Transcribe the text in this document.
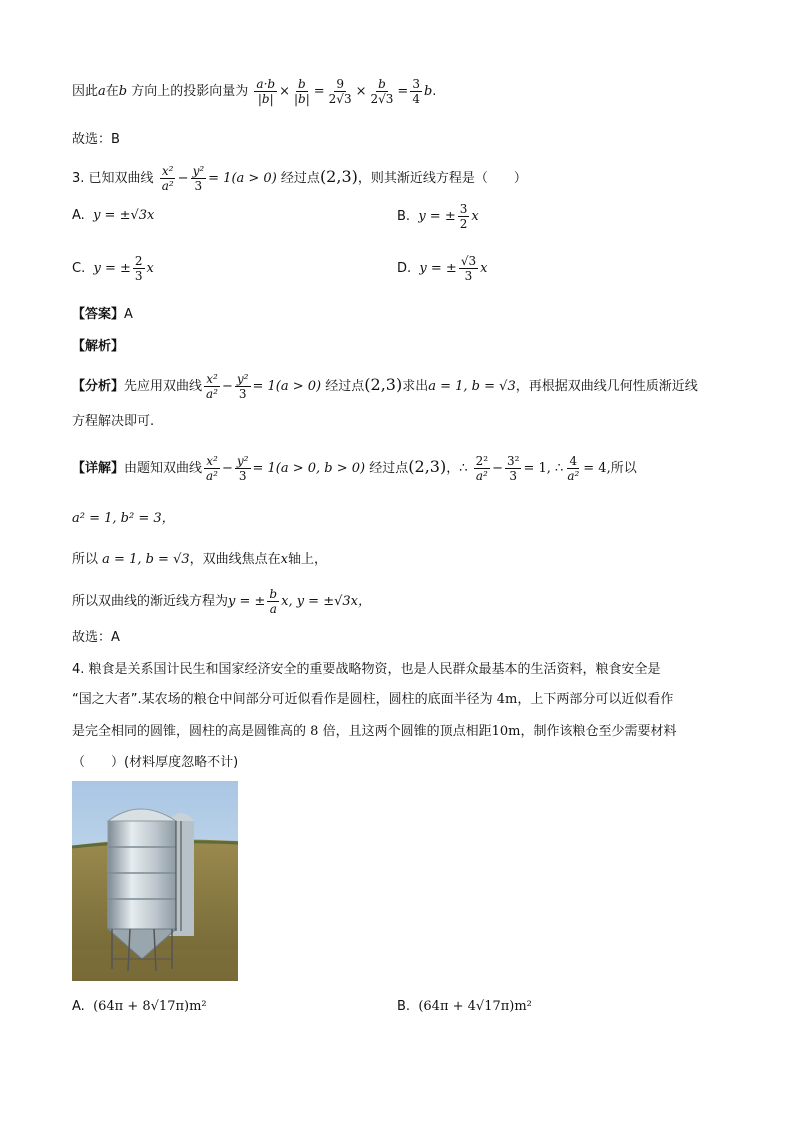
因此a在b 方向上的投影向量为 $\frac{a\cdot b}{|b|} \times \frac{b}{|b|} = \frac{9}{2√3} \times \frac{b}{2√3} = \frac{3}{4} b$.
故选：B
3. 已知双曲线 $\frac{\text{x²}}{\text{a²}} - \frac{\text{y²}}{3} = 1(a > 0)$ 经过点(2,3)，则其渐近线方程是（　　）
A. y = ±√3x	B. y = ± $\frac{3}{2}$ x
C. y = ± $\frac{2}{3}$ x	D. y = ± $\frac{√3}{3}$ x
【答案】A
【解析】
【分析】先应用双曲线 $\frac{\text{x²}}{\text{a²}} - \frac{\text{y²}}{3} = 1(a > 0)$ 经过点(2,3)求出a = 1, b = √3，再根据双曲线几何性质渐近线
方程解决即可.
【详解】由题知双曲线 $\frac{\text{x²}}{\text{a²}} - \frac{\text{y²}}{3} = 1(a > 0$, b > 0) 经过点(2,3)，∴ $\frac{\text{2²}}{\text{a²}} - \frac{\text{3²}}{3} = 1$, ∴ $\frac{4}{\text{a²}} = 4$,所以
a² = 1, b² = 3，
所以 a = 1, b = √3，双曲线焦点在x轴上，
所以双曲线的渐近线方程为y = ± $\frac{b}{a} x$, y = ±√3x，
故选：A
4. 粮食是关系国计民生和国家经济安全的重要战略物资，也是人民群众最基本的生活资料，粮食安全是
“国之大者”.某农场的粮仓中间部分可近似看作是圆柱，圆柱的底面半径为 4m，上下两部分可以近似看作
是完全相同的圆锥，圆柱的高是圆锥高的 8 倍，且这两个圆锥的顶点相距10m，制作该粮仓至少需要材料
（　　）(材料厚度忽略不计)
A. (64π + 8√17π)m²	B. (64π + 4√17π)m²
